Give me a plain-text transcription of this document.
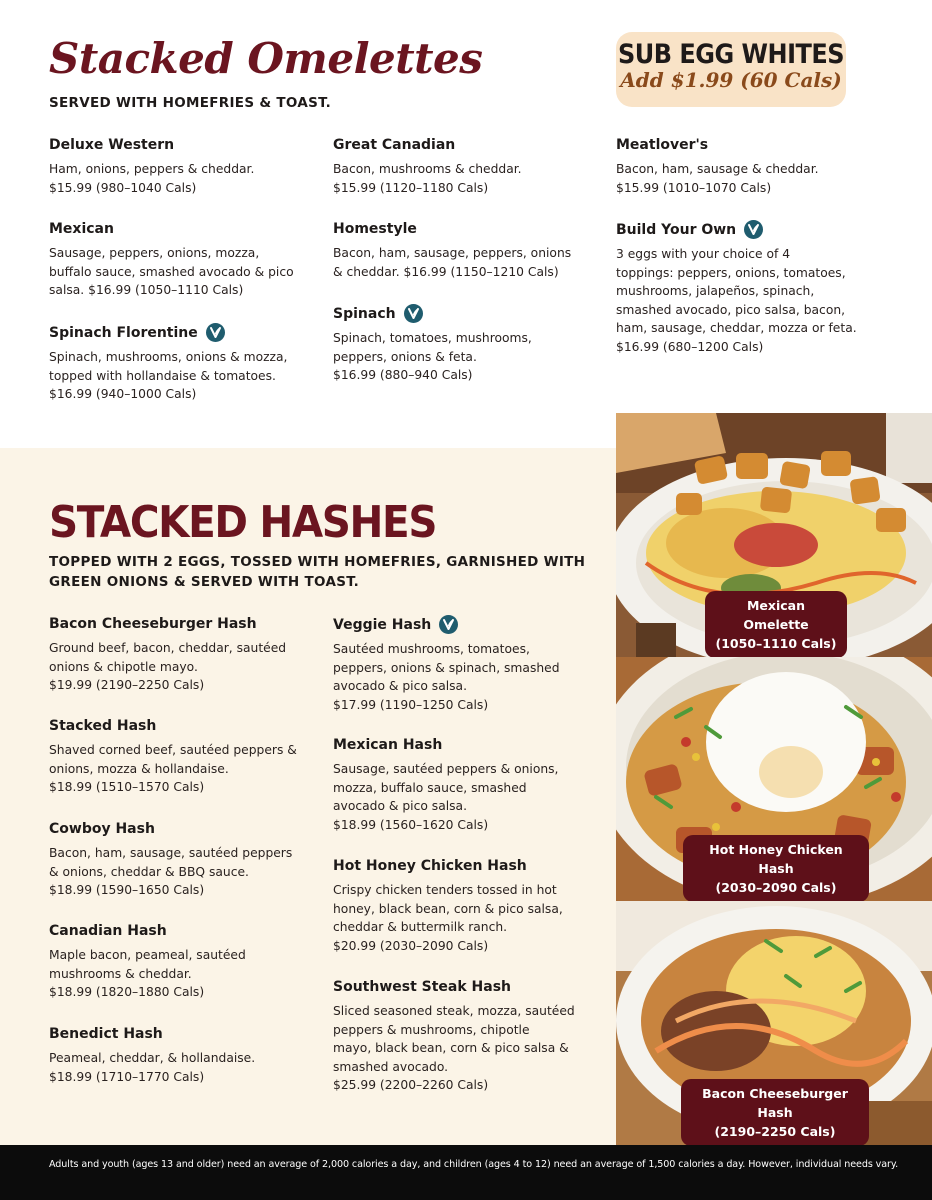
Stacked Omelettes
SERVED WITH HOMEFRIES & TOAST.
SUB EGG WHITES
Add $1.99 (60 Cals)
Deluxe Western
Ham, onions, peppers & cheddar.
$15.99 (980–1040 Cals)
Great Canadian
Bacon, mushrooms & cheddar.
$15.99 (1120–1180 Cals)
Meatlover's
Bacon, ham, sausage & cheddar.
$15.99 (1010–1070 Cals)
Mexican
Sausage, peppers, onions, mozza,
buffalo sauce, smashed avocado & pico
salsa. $16.99 (1050–1110 Cals)
Homestyle
Bacon, ham, sausage, peppers, onions
& cheddar. $16.99 (1150–1210 Cals)
Build Your Own
3 eggs with your choice of 4
toppings: peppers, onions, tomatoes,
mushrooms, jalapeños, spinach,
smashed avocado, pico salsa, bacon,
ham, sausage, cheddar, mozza or feta.
$16.99 (680–1200 Cals)
Spinach Florentine
Spinach, mushrooms, onions & mozza,
topped with hollandaise & tomatoes.
$16.99 (940–1000 Cals)
Spinach
Spinach, tomatoes, mushrooms,
peppers, onions & feta.
$16.99 (880–940 Cals)
STACKED HASHES
TOPPED WITH 2 EGGS, TOSSED WITH HOMEFRIES, GARNISHED WITH
GREEN ONIONS & SERVED WITH TOAST.
Bacon Cheeseburger Hash
Ground beef, bacon, cheddar, sautéed
onions & chipotle mayo.
$19.99 (2190–2250 Cals)
Stacked Hash
Shaved corned beef, sautéed peppers &
onions, mozza & hollandaise.
$18.99 (1510–1570 Cals)
Cowboy Hash
Bacon, ham, sausage, sautéed peppers
& onions, cheddar & BBQ sauce.
$18.99 (1590–1650 Cals)
Canadian Hash
Maple bacon, peameal, sautéed
mushrooms & cheddar.
$18.99 (1820–1880 Cals)
Benedict Hash
Peameal, cheddar, & hollandaise.
$18.99 (1710–1770 Cals)
Veggie Hash
Sautéed mushrooms, tomatoes,
peppers, onions & spinach, smashed
avocado & pico salsa.
$17.99 (1190–1250 Cals)
Mexican Hash
Sausage, sautéed peppers & onions,
mozza, buffalo sauce, smashed
avocado & pico salsa.
$18.99 (1560–1620 Cals)
Hot Honey Chicken Hash
Crispy chicken tenders tossed in hot
honey, black bean, corn & pico salsa,
cheddar & buttermilk ranch.
$20.99 (2030–2090 Cals)
Southwest Steak Hash
Sliced seasoned steak, mozza, sautéed
peppers & mushrooms, chipotle
mayo, black bean, corn & pico salsa &
smashed avocado.
$25.99 (2200–2260 Cals)
Mexican Omelette
(1050–1110 Cals)
Hot Honey Chicken Hash
(2030–2090 Cals)
Bacon Cheeseburger Hash
(2190–2250 Cals)
Adults and youth (ages 13 and older) need an average of 2,000 calories a day, and children (ages 4 to 12) need an average of 1,500 calories a day. However, individual needs vary.
